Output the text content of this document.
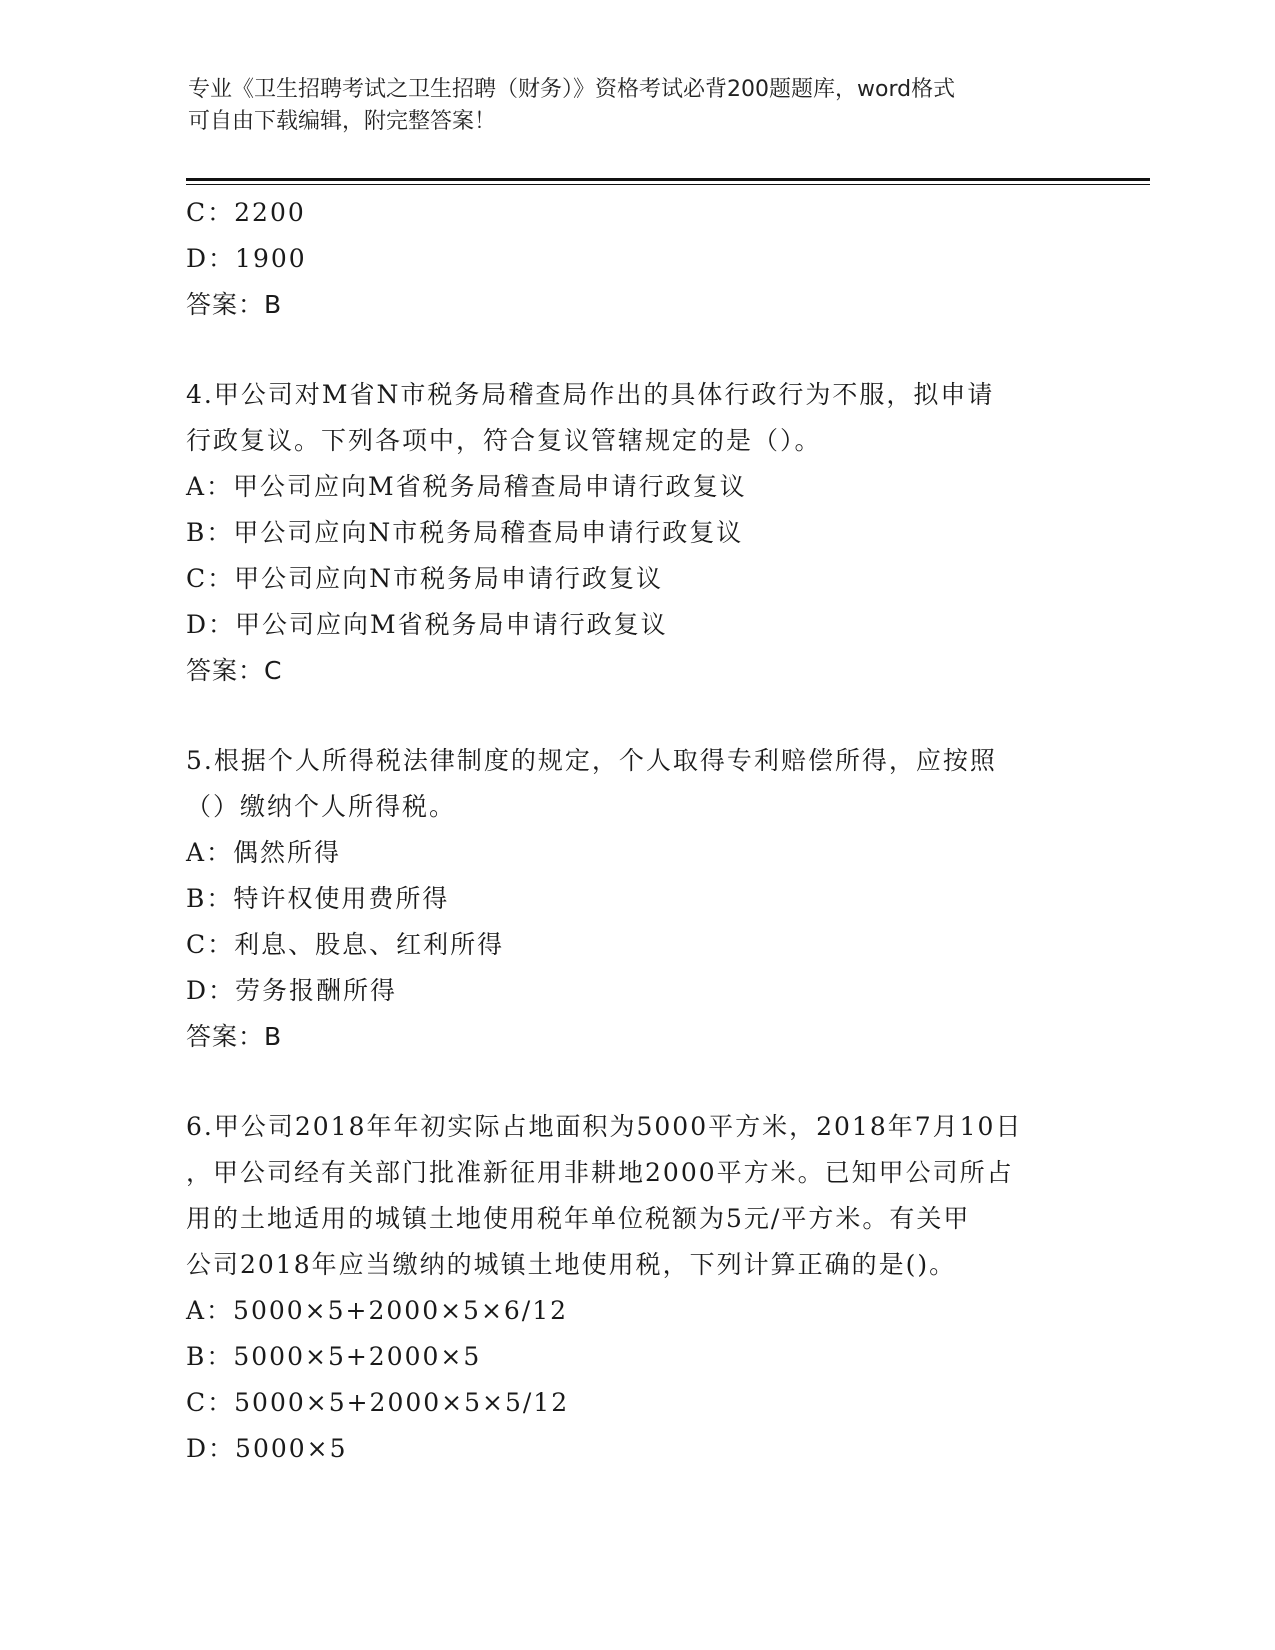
专业《卫生招聘考试之卫生招聘（财务）》资格考试必背200题题库，word格式
可自由下载编辑，附完整答案！
C：2200
D：1900
答案：B
4.甲公司对M省N市税务局稽查局作出的具体行政行为不服，拟申请
行政复议。下列各项中，符合复议管辖规定的是（）。
A：甲公司应向M省税务局稽查局申请行政复议
B：甲公司应向N市税务局稽查局申请行政复议
C：甲公司应向N市税务局申请行政复议
D：甲公司应向M省税务局申请行政复议
答案：C
5.根据个人所得税法律制度的规定，个人取得专利赔偿所得，应按照
（）缴纳个人所得税。
A：偶然所得
B：特许权使用费所得
C：利息、股息、红利所得
D：劳务报酬所得
答案：B
6.甲公司2018年年初实际占地面积为5000平方米，2018年7月10日
，甲公司经有关部门批准新征用非耕地2000平方米。已知甲公司所占
用的土地适用的城镇土地使用税年单位税额为5元/平方米。有关甲
公司2018年应当缴纳的城镇土地使用税，下列计算正确的是()。
A：5000×5+2000×5×6/12
B：5000×5+2000×5
C：5000×5+2000×5×5/12
D：5000×5
